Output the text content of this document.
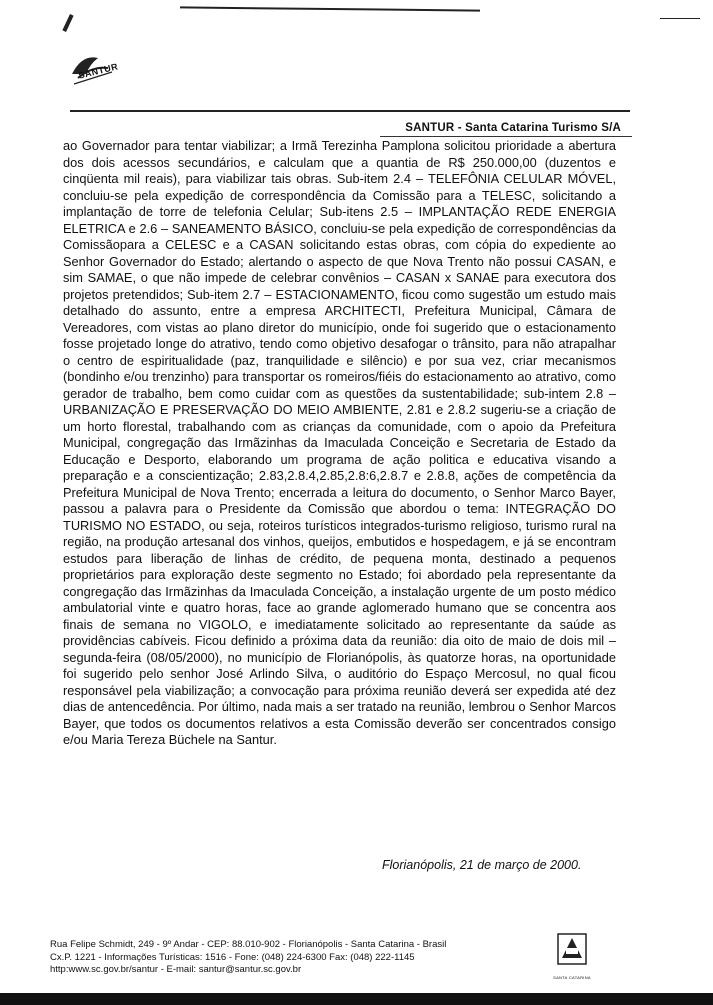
SANTUR
SANTUR - Santa Catarina Turismo S/A

ao Governador para tentar viabilizar; a Irmã Terezinha Pamplona solicitou prioridade a abertura dos dois acessos secundários, e calculam que a quantia de R$ 250.000,00 (duzentos e cinqüenta mil reais), para viabilizar tais obras. Sub-item 2.4 – TELEFÔNIA CELULAR MÓVEL, concluiu-se pela expedição de correspondência da Comissão para a TELESC, solicitando a implantação de torre de telefonia Celular; Sub-itens 2.5 – IMPLANTAÇÃO REDE ENERGIA ELETRICA e 2.6 – SANEAMENTO BÁSICO, concluiu-se pela expedição de correspondências da Comissãopara a CELESC e a CASAN solicitando estas obras, com cópia do expediente ao Senhor Governador do Estado; alertando o aspecto de que Nova Trento não possui CASAN, e sim SAMAE, o que não impede de celebrar convênios – CASAN x SANAE para executora dos projetos pretendidos; Sub-item 2.7 – ESTACIONAMENTO, ficou como sugestão um estudo mais detalhado do assunto, entre a empresa ARCHITECTI, Prefeitura Municipal, Câmara de Vereadores, com vistas ao plano diretor do município, onde foi sugerido que o estacionamento fosse projetado longe do atrativo, tendo como objetivo desafogar o trânsito, para não atrapalhar o centro de espiritualidade (paz, tranquilidade e silêncio) e por sua vez, criar mecanismos (bondinho e/ou trenzinho) para transportar os romeiros/fiéis do estacionamento ao atrativo, como gerador de trabalho, bem como cuidar com as questões da sustentabilidade; sub-intem 2.8 – URBANIZAÇÃO E PRESERVAÇÃO DO MEIO AMBIENTE, 2.81 e 2.8.2 sugeriu-se a criação de um horto florestal, trabalhando com as crianças da comunidade, com o apoio da Prefeitura Municipal, congregação das Irmãzinhas da Imaculada Conceição e Secretaria de Estado da Educação e Desporto, elaborando um programa de ação politica e educativa visando a preparação e a conscientização; 2.83,2.8.4,2.85,2.8:6,2.8.7 e 2.8.8, ações de competência da Prefeitura Municipal de Nova Trento; encerrada a leitura do documento, o Senhor Marco Bayer, passou a palavra para o Presidente da Comissão que abordou o tema: INTEGRAÇÃO DO TURISMO NO ESTADO, ou seja, roteiros turísticos integrados-turismo religioso, turismo rural na região, na produção artesanal dos vinhos, queijos, embutidos e hospedagem, e já se encontram estudos para liberação de linhas de crédito, de pequena monta, destinado a pequenos proprietários para exploração deste segmento no Estado; foi abordado pela representante da congregação das Irmãzinhas da Imaculada Conceição, a instalação urgente de um posto médico ambulatorial vinte e quatro horas, face ao grande aglomerado humano que se concentra aos finais de semana no VIGOLO, e imediatamente solicitado ao representante da saúde as providências cabíveis. Ficou definido a próxima data da reunião: dia oito de maio de dois mil – segunda-feira (08/05/2000), no município de Florianópolis, às quatorze horas, na oportunidade foi sugerido pelo senhor José Arlindo Silva, o auditório do Espaço Mercosul, no qual ficou responsável pela viabilização; a convocação para próxima reunião deverá ser expedida até dez dias de antencedência. Por último, nada mais a ser tratado na reunião, lembrou o Senhor Marcos Bayer, que todos os documentos relativos a esta Comissão deverão ser concentrados consigo e/ou Maria Tereza Büchele na Santur.

Florianópolis, 21 de março de 2000.
Rua Felipe Schmidt, 249 - 9º Andar - CEP: 88.010-902 - Florianópolis - Santa Catarina - Brasil
Cx.P. 1221 - Informações Turísticas: 1516 - Fone: (048) 224-6300 Fax: (048) 222-1145
http:www.sc.gov.br/santur - E-mail: santur@santur.sc.gov.br
SANTA CATARINA
